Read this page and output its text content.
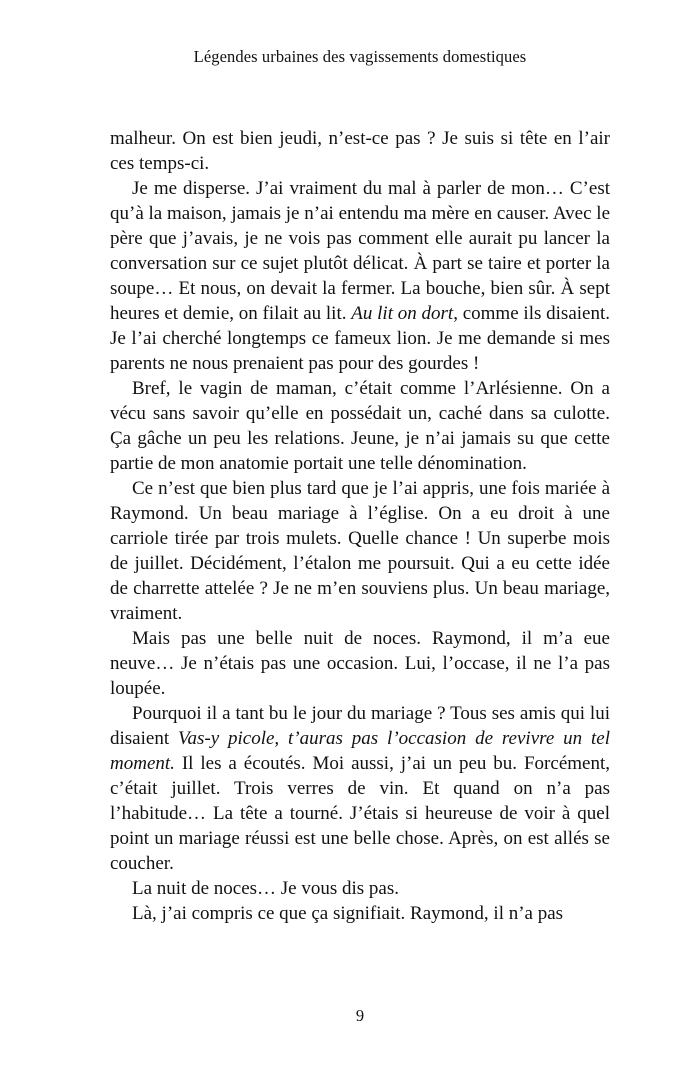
Légendes urbaines des vagissements domestiques

malheur. On est bien jeudi, n’est-ce pas ? Je suis si tête en l’air ces temps-ci.

Je me disperse. J’ai vraiment du mal à parler de mon… C’est qu’à la maison, jamais je n’ai entendu ma mère en causer. Avec le père que j’avais, je ne vois pas comment elle aurait pu lancer la conversation sur ce sujet plutôt délicat. À part se taire et porter la soupe… Et nous, on devait la fermer. La bouche, bien sûr. À sept heures et demie, on filait au lit. Au lit on dort, comme ils disaient. Je l’ai cherché longtemps ce fameux lion. Je me demande si mes parents ne nous prenaient pas pour des gourdes !

Bref, le vagin de maman, c’était comme l’Arlésienne. On a vécu sans savoir qu’elle en possédait un, caché dans sa culotte. Ça gâche un peu les relations. Jeune, je n’ai jamais su que cette partie de mon anatomie portait une telle dénomination.

Ce n’est que bien plus tard que je l’ai appris, une fois mariée à Raymond. Un beau mariage à l’église. On a eu droit à une carriole tirée par trois mulets. Quelle chance ! Un superbe mois de juillet. Décidément, l’étalon me poursuit. Qui a eu cette idée de charrette attelée ? Je ne m’en souviens plus. Un beau mariage, vraiment.

Mais pas une belle nuit de noces. Raymond, il m’a eue neuve… Je n’étais pas une occasion. Lui, l’occase, il ne l’a pas loupée.

Pourquoi il a tant bu le jour du mariage ? Tous ses amis qui lui disaient Vas-y picole, t’auras pas l’occasion de revivre un tel moment. Il les a écoutés. Moi aussi, j’ai un peu bu. Forcément, c’était juillet. Trois verres de vin. Et quand on n’a pas l’habitude… La tête a tourné. J’étais si heureuse de voir à quel point un mariage réussi est une belle chose. Après, on est allés se coucher.

La nuit de noces… Je vous dis pas.

Là, j’ai compris ce que ça signifiait. Raymond, il n’a pas

9
